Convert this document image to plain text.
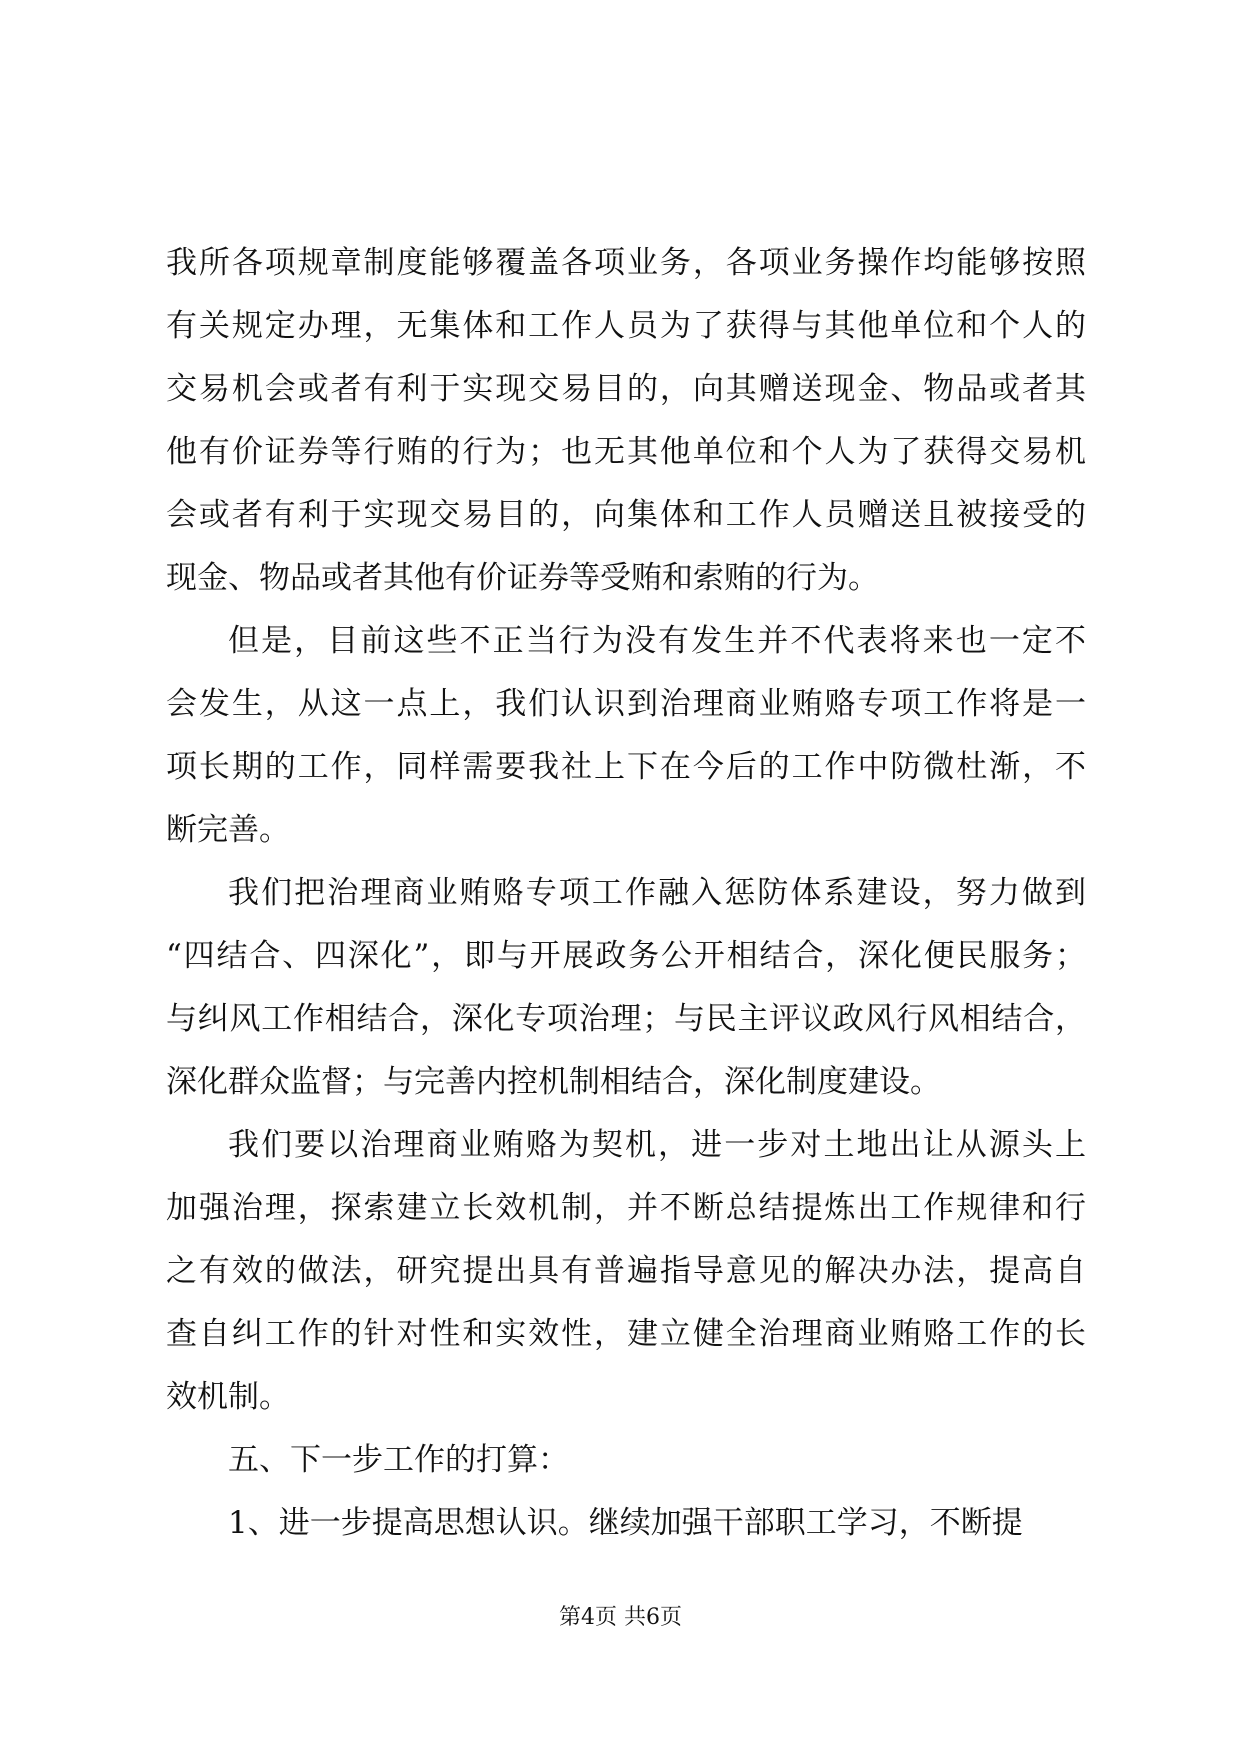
我所各项规章制度能够覆盖各项业务，各项业务操作均能够按照
有关规定办理，无集体和工作人员为了获得与其他单位和个人的
交易机会或者有利于实现交易目的，向其赠送现金、物品或者其
他有价证券等行贿的行为；也无其他单位和个人为了获得交易机
会或者有利于实现交易目的，向集体和工作人员赠送且被接受的
现金、物品或者其他有价证券等受贿和索贿的行为。
但是，目前这些不正当行为没有发生并不代表将来也一定不
会发生，从这一点上，我们认识到治理商业贿赂专项工作将是一
项长期的工作，同样需要我社上下在今后的工作中防微杜渐，不
断完善。
我们把治理商业贿赂专项工作融入惩防体系建设，努力做到
“四结合、四深化”，即与开展政务公开相结合，深化便民服务；
与纠风工作相结合，深化专项治理；与民主评议政风行风相结合，
深化群众监督；与完善内控机制相结合，深化制度建设。
我们要以治理商业贿赂为契机，进一步对土地出让从源头上
加强治理，探索建立长效机制，并不断总结提炼出工作规律和行
之有效的做法，研究提出具有普遍指导意见的解决办法，提高自
查自纠工作的针对性和实效性，建立健全治理商业贿赂工作的长
效机制。
五、下一步工作的打算：
1、进一步提高思想认识。继续加强干部职工学习，不断提
第4页 共6页
